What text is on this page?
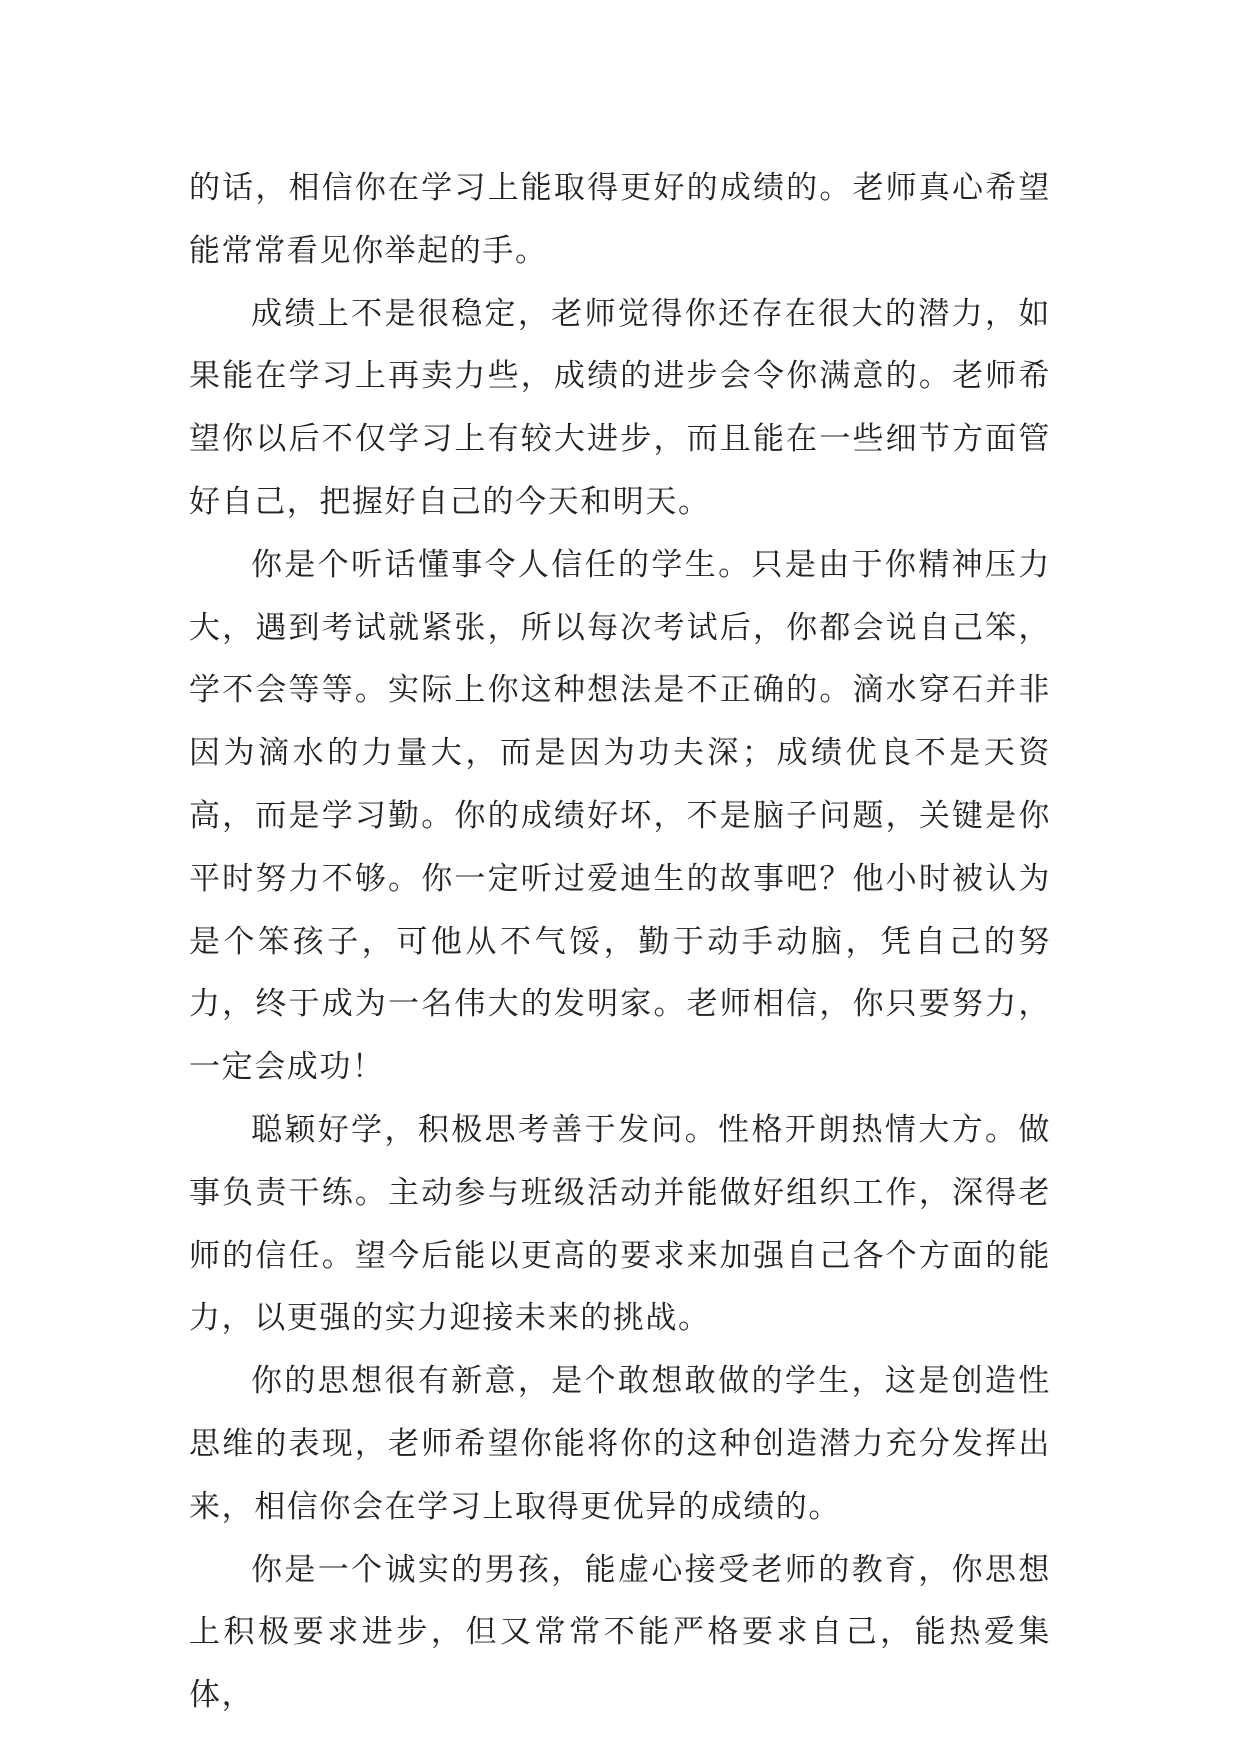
的话，相信你在学习上能取得更好的成绩的。老师真心希望能常常看见你举起的手。

成绩上不是很稳定，老师觉得你还存在很大的潜力，如果能在学习上再卖力些，成绩的进步会令你满意的。老师希望你以后不仅学习上有较大进步，而且能在一些细节方面管好自己，把握好自己的今天和明天。

你是个听话懂事令人信任的学生。只是由于你精神压力大，遇到考试就紧张，所以每次考试后，你都会说自己笨，学不会等等。实际上你这种想法是不正确的。滴水穿石并非因为滴水的力量大，而是因为功夫深；成绩优良不是天资高，而是学习勤。你的成绩好坏，不是脑子问题，关键是你平时努力不够。你一定听过爱迪生的故事吧？他小时被认为是个笨孩子，可他从不气馁，勤于动手动脑，凭自己的努力，终于成为一名伟大的发明家。老师相信，你只要努力，一定会成功！

聪颖好学，积极思考善于发问。性格开朗热情大方。做事负责干练。主动参与班级活动并能做好组织工作，深得老师的信任。望今后能以更高的要求来加强自己各个方面的能力，以更强的实力迎接未来的挑战。

你的思想很有新意，是个敢想敢做的学生，这是创造性思维的表现，老师希望你能将你的这种创造潜力充分发挥出来，相信你会在学习上取得更优异的成绩的。

你是一个诚实的男孩，能虚心接受老师的教育，你思想上积极要求进步，但又常常不能严格要求自己，能热爱集体，
